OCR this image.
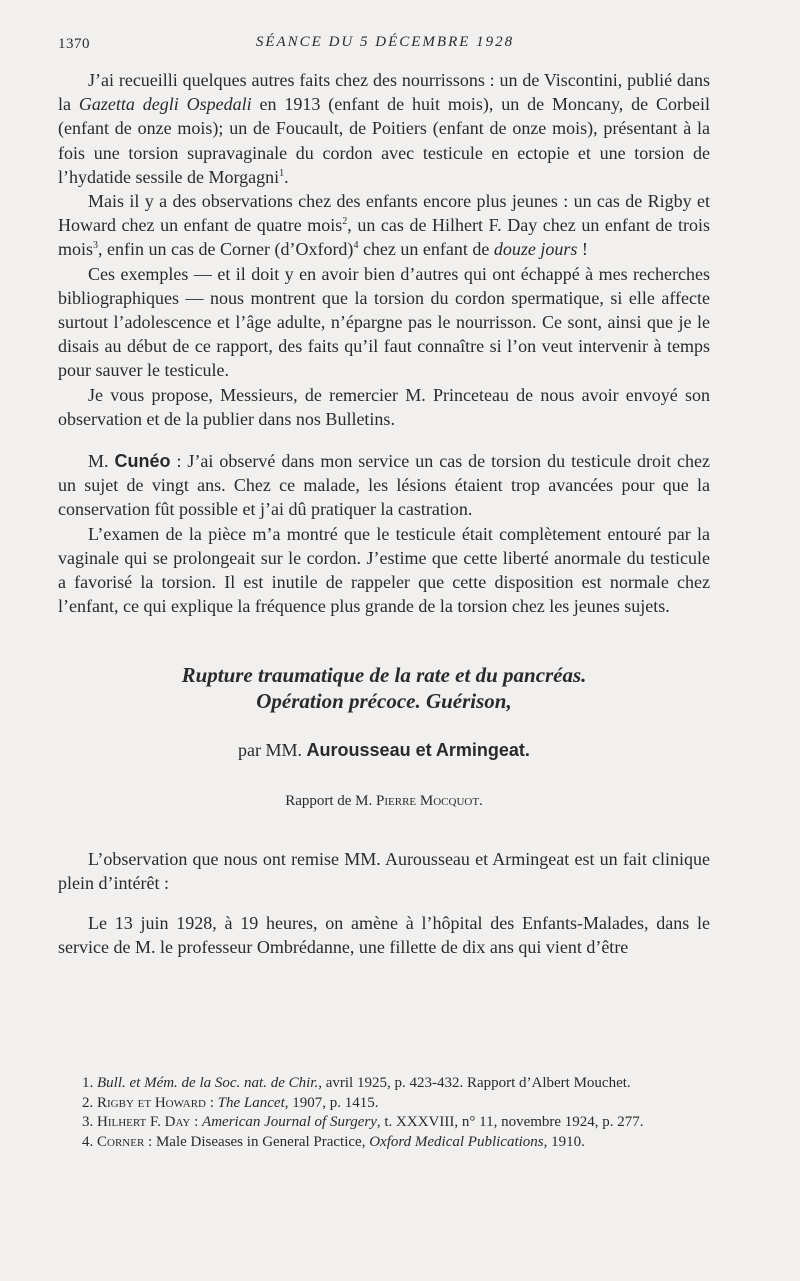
1370	SÉANCE DU 5 DÉCEMBRE 1928

J’ai recueilli quelques autres faits chez des nourrissons : un de Viscontini, publié dans la Gazetta degli Ospedali en 1913 (enfant de huit mois), un de Moncany, de Corbeil (enfant de onze mois); un de Foucault, de Poitiers (enfant de onze mois), présentant à la fois une torsion supravaginale du cordon avec testicule en ectopie et une torsion de l’hydatide sessile de Morgagni$^1$.

Mais il y a des observations chez des enfants encore plus jeunes : un cas de Rigby et Howard chez un enfant de quatre mois$^2$, un cas de Hilhert F. Day chez un enfant de trois mois$^3$, enfin un cas de Corner (d’Oxford)$^4$ chez un enfant de douze jours !

Ces exemples — et il doit y en avoir bien d’autres qui ont échappé à mes recherches bibliographiques — nous montrent que la torsion du cordon spermatique, si elle affecte surtout l’adolescence et l’âge adulte, n’épargne pas le nourrisson. Ce sont, ainsi que je le disais au début de ce rapport, des faits qu’il faut connaître si l’on veut intervenir à temps pour sauver le testicule.

Je vous propose, Messieurs, de remercier M. Princeteau de nous avoir envoyé son observation et de la publier dans nos Bulletins.

M. Cunéo : J’ai observé dans mon service un cas de torsion du testicule droit chez un sujet de vingt ans. Chez ce malade, les lésions étaient trop avancées pour que la conservation fût possible et j’ai dû pratiquer la castration.

L’examen de la pièce m’a montré que le testicule était complètement entouré par la vaginale qui se prolongeait sur le cordon. J’estime que cette liberté anormale du testicule a favorisé la torsion. Il est inutile de rappeler que cette disposition est normale chez l’enfant, ce qui explique la fréquence plus grande de la torsion chez les jeunes sujets.

Rupture traumatique de la rate et du pancréas.
Opération précoce. Guérison,
par MM. Aurousseau et Armingeat.
Rapport de M. Pierre Mocquot.

L’observation que nous ont remise MM. Aurousseau et Armingeat est un fait clinique plein d’intérêt :

Le 13 juin 1928, à 19 heures, on amène à l’hôpital des Enfants-Malades, dans le service de M. le professeur Ombrédanne, une fillette de dix ans qui vient d’être

1. Bull. et Mém. de la Soc. nat. de Chir., avril 1925, p. 423-432. Rapport d’Albert Mouchet.
2. Rigby et Howard : The Lancet, 1907, p. 1415.
3. Hilhert F. Day : American Journal of Surgery, t. XXXVIII, n° 11, novembre 1924, p. 277.
4. Corner : Male Diseases in General Practice, Oxford Medical Publications, 1910.
